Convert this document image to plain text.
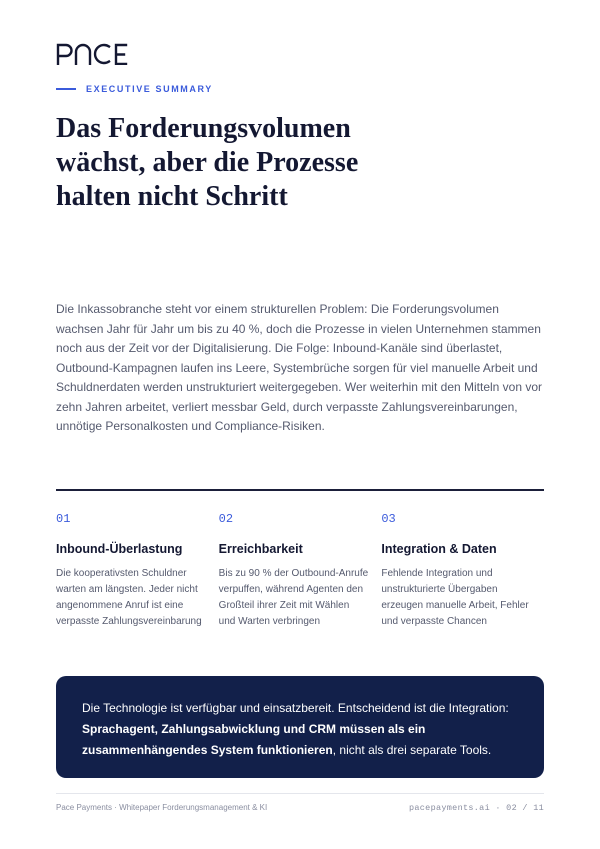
EXECUTIVE SUMMARY
Das Forderungsvolumen wächst, aber die Prozesse halten nicht Schritt

Die Inkassobranche steht vor einem strukturellen Problem: Die Forderungsvolumen wachsen Jahr für Jahr um bis zu 40 %, doch die Prozesse in vielen Unternehmen stammen noch aus der Zeit vor der Digitalisierung. Die Folge: Inbound-Kanäle sind überlastet, Outbound-Kampagnen laufen ins Leere, Systembrüche sorgen für viel manuelle Arbeit und Schuldnerdaten werden unstrukturiert weitergegeben. Wer weiterhin mit den Mitteln von vor zehn Jahren arbeitet, verliert messbar Geld, durch verpasste Zahlungsvereinbarungen, unnötige Personalkosten und Compliance-Risiken.

01
Inbound-Überlastung
Die kooperativsten Schuldner warten am längsten. Jeder nicht angenommene Anruf ist eine verpasste Zahlungsvereinbarung
02
Erreichbarkeit
Bis zu 90 % der Outbound-Anrufe verpuffen, während Agenten den Großteil ihrer Zeit mit Wählen und Warten verbringen
03
Integration & Daten
Fehlende Integration und unstrukturierte Übergaben erzeugen manuelle Arbeit, Fehler und verpasste Chancen
Die Technologie ist verfügbar und einsatzbereit. Entscheidend ist die Integration: Sprachagent, Zahlungsabwicklung und CRM müssen als ein zusammenhängendes System funktionieren, nicht als drei separate Tools.
Pace Payments · Whitepaper Forderungsmanagement & KI	pacepayments.ai · 02 / 11
